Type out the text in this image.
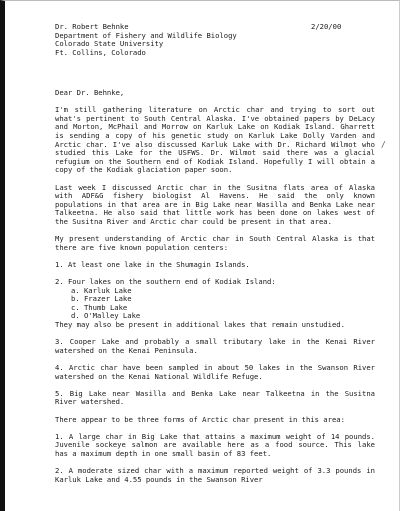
Dr. Robert Behnke
Department of Fishery and Wildlife Biology
Colorado State University
Ft. Collins, Colorado
2/20/00
∕

Dear Dr. Behnke,

I'm still gathering literature on Arctic char and trying to sort out what's pertinent to South Central Alaska. I've obtained papers by DeLacy and Morton, McPhail and Morrow on Karluk Lake on Kodiak Island. Gharrett is sending a copy of his genetic study on Karluk Lake Dolly Varden and Arctic char. I've also discussed Karluk Lake with Dr. Richard Wilmot who studied this Lake for the USFWS. Dr. Wilmot said there was a glacial refugium on the Southern end of Kodiak Island. Hopefully I will obtain a copy of the Kodiak glaciation paper soon.

Last week I discussed Arctic char in the Susitna flats area of Alaska with ADF&G fishery biologist Al Havens. He said the only known populations in that area are in Big Lake near Wasilla and Benka Lake near Talkeetna. He also said that little work has been done on lakes west of the Susitna River and Arctic char could be present in that area.

My present understanding of Arctic char in South Central Alaska is that there are five known population centers:

1. At least one lake in the Shumagin Islands.

2. Four lakes on the southern end of Kodiak Island:
a. Karluk Lake
b. Frazer Lake
c. Thumb Lake
d. O'Malley Lake
They may also be present in additional lakes that remain unstudied.

3. Cooper Lake and probably a small tributary lake in the Kenai River watershed on the Kenai Peninsula.

4. Arctic char have been sampled in about 50 lakes in the Swanson River watershed on the Kenai National Wildlife Refuge.

5. Big Lake near Wasilla and Benka Lake near Talkeetna in the Susitna River watershed.

There appear to be three forms of Arctic char present in this area:

1. A large char in Big Lake that attains a maximum weight of 14 pounds. Juvenile sockeye salmon are available here as a food source. This lake has a maximum depth in one small basin of 83 feet.

2. A moderate sized char with a maximum reported weight of 3.3 pounds in Karluk Lake and 4.55 pounds in the Swanson River
